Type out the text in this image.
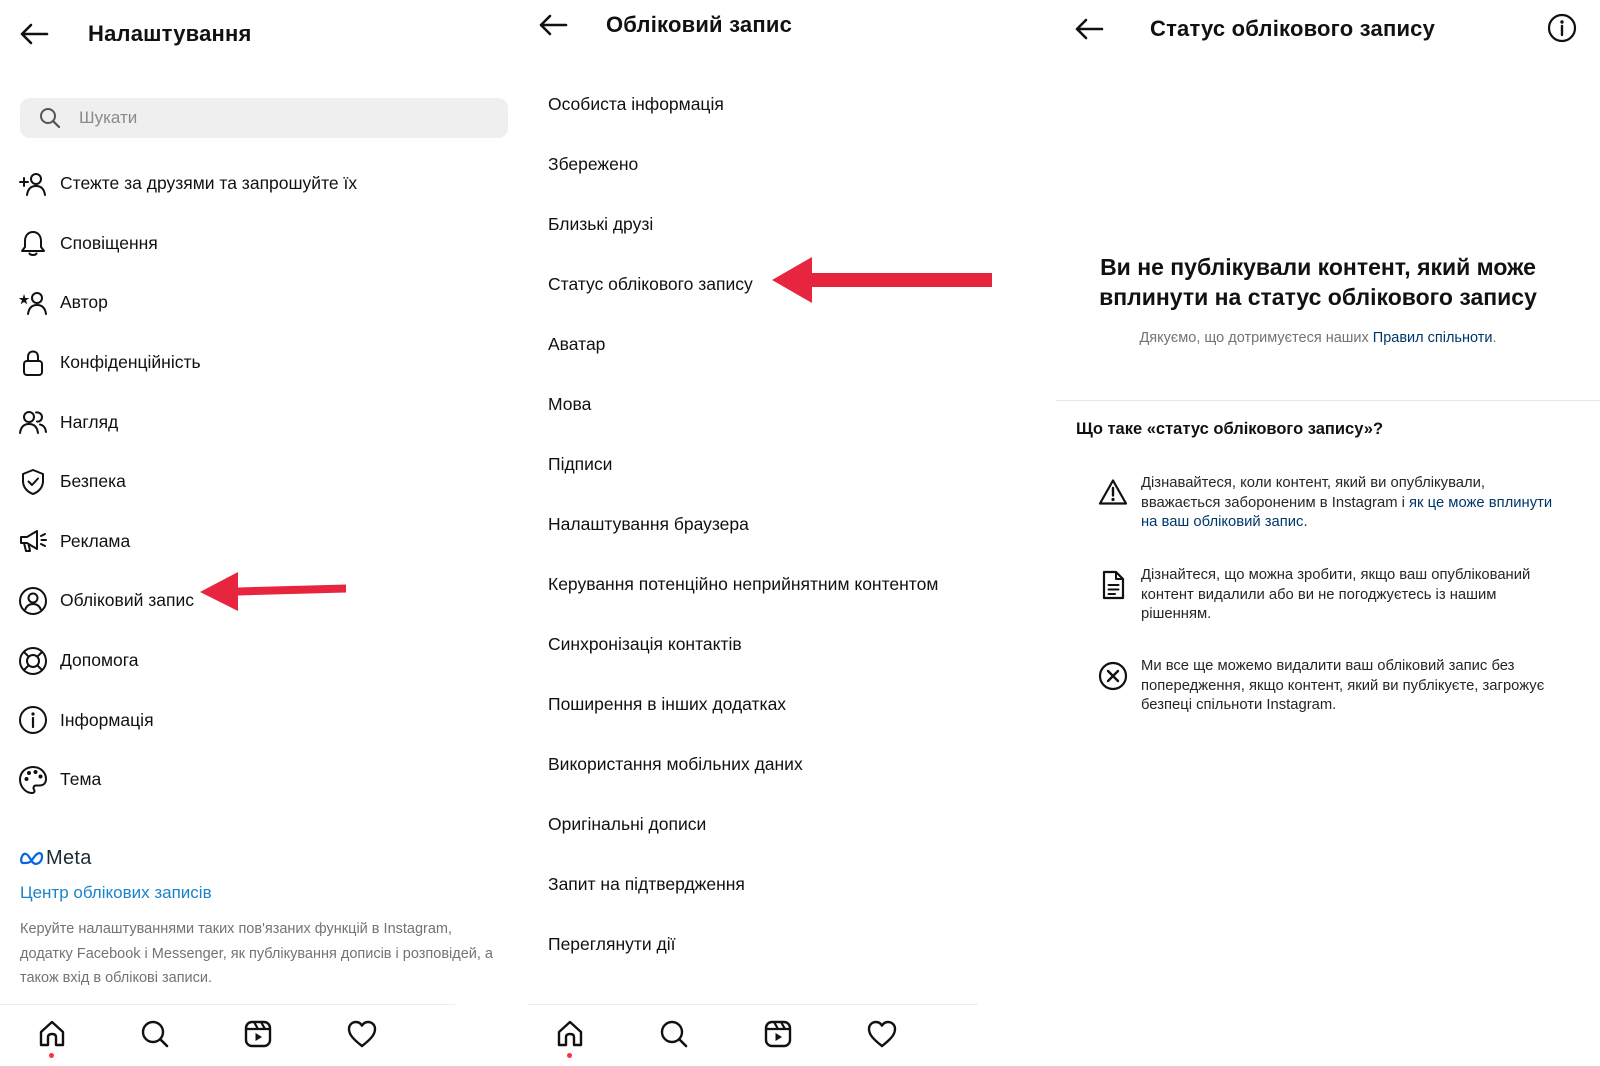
Налаштування
Шукати
Стежте за друзями та запрошуйте їх
Сповіщення
Автор
Конфіденційність
Нагляд
Безпека
Реклама
Обліковий запис
Допомога
Інформація
Тема
Meta
Центр облікових записів
Керуйте налаштуваннями таких пов'язаних функцій в Instagram, додатку Facebook і Messenger, як публікування дописів і розповідей, а також вхід в облікові записи.
Обліковий запис
Особиста інформація
Збережено
Близькі друзі
Статус облікового запису
Аватар
Мова
Підписи
Налаштування браузера
Керування потенційно неприйнятним контентом
Синхронізація контактів
Поширення в інших додатках
Використання мобільних даних
Оригінальні дописи
Запит на підтвердження
Переглянути дії
Статус облікового запису
Ви не публікували контент, який може вплинути на статус облікового запису
Дякуємо, що дотримуєтеся наших Правил спільноти.
Що таке «статус облікового запису»?
Дізнавайтеся, коли контент, який ви опублікували, вважається забороненим в Instagram і як це може вплинути на ваш обліковий запис.
Дізнайтеся, що можна зробити, якщо ваш опублікований контент видалили або ви не погоджуєтесь із нашим рішенням.
Ми все ще можемо видалити ваш обліковий запис без попередження, якщо контент, який ви публікуєте, загрожує безпеці спільноти Instagram.
